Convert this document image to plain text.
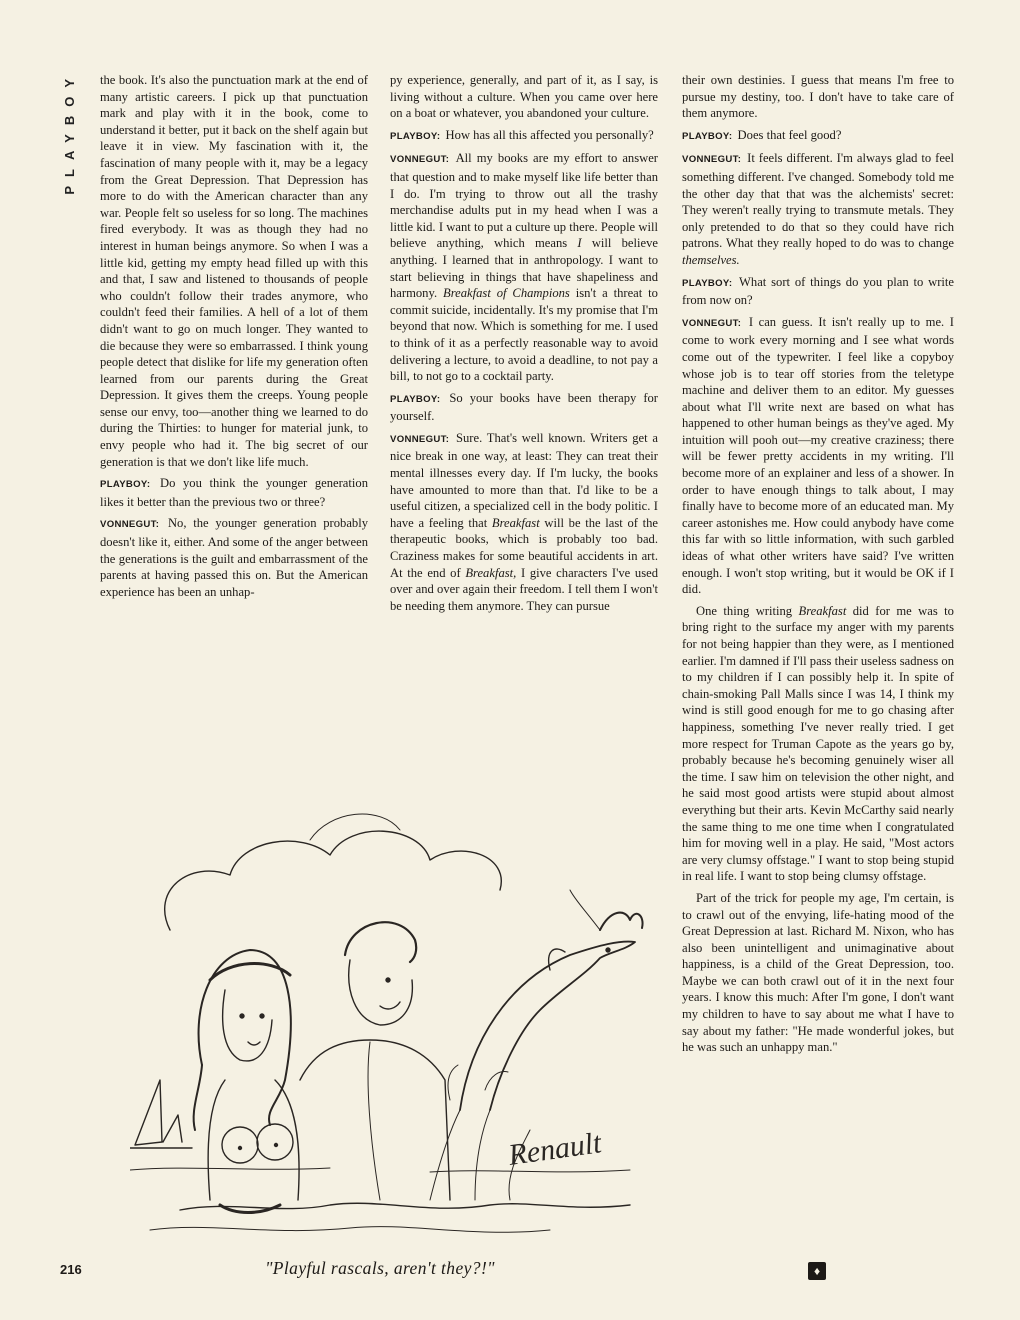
PLAYBOY	the book. It's also the punctuation mark at the end of many artistic careers. I pick up that punctuation mark and play with it in the book, come to understand it better, put it back on the shelf again but leave it in view. My fascination with it, the fascination of many people with it, may be a legacy from the Great Depression. That Depression has more to do with the American character than any war. People felt so useless for so long. The machines fired everybody. It was as though they had no interest in human beings anymore. So when I was a little kid, getting my empty head filled up with this and that, I saw and listened to thousands of people who couldn't follow their trades anymore, who couldn't feed their families. A hell of a lot of them didn't want to go on much longer. They wanted to die because they were so embarrassed. I think young people detect that dislike for life my generation often learned from our parents during the Great Depression. It gives them the creeps. Young people sense our envy, too—another thing we learned to do during the Thirties: to hunger for material junk, to envy people who had it. The big secret of our generation is that we don't like life much.

PLAYBOY: Do you think the younger generation likes it better than the previous two or three?

VONNEGUT: No, the younger generation probably doesn't like it, either. And some of the anger between the generations is the guilt and embarrassment of the parents at having passed this on. But the American experience has been an unhap-

py experience, generally, and part of it, as I say, is living without a culture. When you came over here on a boat or whatever, you abandoned your culture.

PLAYBOY: How has all this affected you personally?

VONNEGUT: All my books are my effort to answer that question and to make myself like life better than I do. I'm trying to throw out all the trashy merchandise adults put in my head when I was a little kid. I want to put a culture up there. People will believe anything, which means I will believe anything. I learned that in anthropology. I want to start believing in things that have shapeliness and harmony. Breakfast of Champions isn't a threat to commit suicide, incidentally. It's my promise that I'm beyond that now. Which is something for me. I used to think of it as a perfectly reasonable way to avoid delivering a lecture, to avoid a deadline, to not pay a bill, to not go to a cocktail party.

PLAYBOY: So your books have been therapy for yourself.

VONNEGUT: Sure. That's well known. Writers get a nice break in one way, at least: They can treat their mental illnesses every day. If I'm lucky, the books have amounted to more than that. I'd like to be a useful citizen, a specialized cell in the body politic. I have a feeling that Breakfast will be the last of the therapeutic books, which is probably too bad. Craziness makes for some beautiful accidents in art. At the end of Breakfast, I give characters I've used over and over again their freedom. I tell them I won't be needing them anymore. They can pursue

their own destinies. I guess that means I'm free to pursue my destiny, too. I don't have to take care of them anymore.

PLAYBOY: Does that feel good?

VONNEGUT: It feels different. I'm always glad to feel something different. I've changed. Somebody told me the other day that that was the alchemists' secret: They weren't really trying to transmute metals. They only pretended to do that so they could have rich patrons. What they really hoped to do was to change themselves.

PLAYBOY: What sort of things do you plan to write from now on?

VONNEGUT: I can guess. It isn't really up to me. I come to work every morning and I see what words come out of the typewriter. I feel like a copyboy whose job is to tear off stories from the teletype machine and deliver them to an editor. My guesses about what I'll write next are based on what has happened to other human beings as they've aged. My intuition will pooh out—my creative craziness; there will be fewer pretty accidents in my writing. I'll become more of an explainer and less of a shower. In order to have enough things to talk about, I may finally have to become more of an educated man. My career astonishes me. How could anybody have come this far with so little information, with such garbled ideas of what other writers have said? I've written enough. I won't stop writing, but it would be OK if I did.

One thing writing Breakfast did for me was to bring right to the surface my anger with my parents for not being happier than they were, as I mentioned earlier. I'm damned if I'll pass their useless sadness on to my children if I can possibly help it. In spite of chain-smoking Pall Malls since I was 14, I think my wind is still good enough for me to go chasing after happiness, something I've never really tried. I get more respect for Truman Capote as the years go by, probably because he's becoming genuinely wiser all the time. I saw him on television the other night, and he said most good artists were stupid about almost everything but their arts. Kevin McCarthy said nearly the same thing to me one time when I congratulated him for moving well in a play. He said, "Most actors are very clumsy offstage." I want to stop being stupid in real life. I want to stop being clumsy offstage.

Part of the trick for people my age, I'm certain, is to crawl out of the envying, life-hating mood of the Great Depression at last. Richard M. Nixon, who has also been unintelligent and unimaginative about happiness, is a child of the Great Depression, too. Maybe we can both crawl out of it in the next four years. I know this much: After I'm gone, I don't want my children to have to say about me what I have to say about my father: "He made wonderful jokes, but he was such an unhappy man."

Renault
"Playful rascals, aren't they?!"
216	♦
